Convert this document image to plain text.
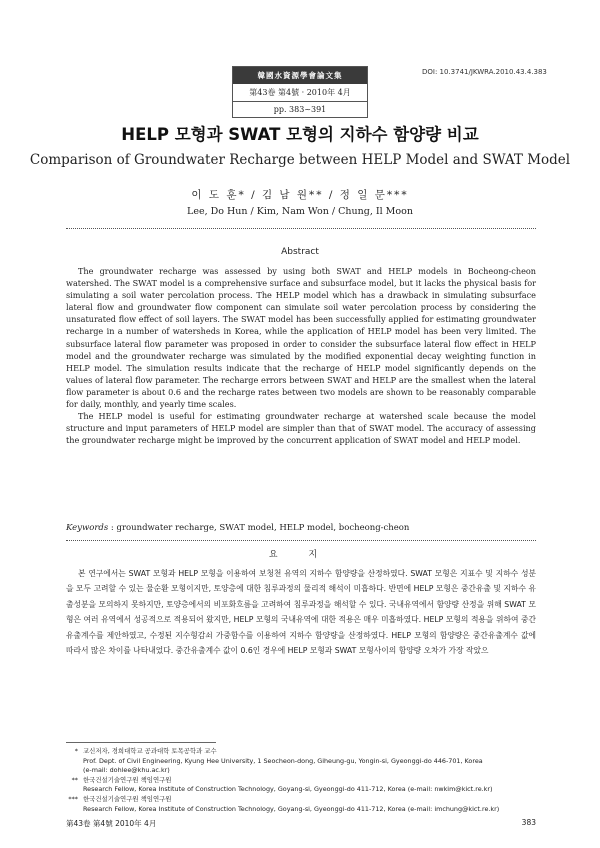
韓國水資源學會論文集
第43卷 第4號 · 2010年 4月
pp. 383~391
DOI: 10.3741/JKWRA.2010.43.4.383
HELP 모형과 SWAT 모형의 지하수 함양량 비교
Comparison of Groundwater Recharge between HELP Model and SWAT Model
이 도 훈* / 김 남 원** / 정 일 문***
Lee, Do Hun / Kim, Nam Won / Chung, Il Moon
Abstract

The groundwater recharge was assessed by using both SWAT and HELP models in Bocheong-cheon watershed. The SWAT model is a comprehensive surface and subsurface model, but it lacks the physical basis for simulating a soil water percolation process. The HELP model which has a drawback in simulating subsurface lateral flow and groundwater flow component can simulate soil water percolation process by considering the unsaturated flow effect of soil layers. The SWAT model has been successfully applied for estimating groundwater recharge in a number of watersheds in Korea, while the application of HELP model has been very limited. The subsurface lateral flow parameter was proposed in order to consider the subsurface lateral flow effect in HELP model and the groundwater recharge was simulated by the modified exponential decay weighting function in HELP model. The simulation results indicate that the recharge of HELP model significantly depends on the values of lateral flow parameter. The recharge errors between SWAT and HELP are the smallest when the lateral flow parameter is about 0.6 and the recharge rates between two models are shown to be reasonably comparable for daily, monthly, and yearly time scales.

The HELP model is useful for estimating groundwater recharge at watershed scale because the model structure and input parameters of HELP model are simpler than that of SWAT model. The accuracy of assessing the groundwater recharge might be improved by the concurrent application of SWAT model and HELP model.

Keywords : groundwater recharge, SWAT model, HELP model, bocheong-cheon
요 지

본 연구에서는 SWAT 모형과 HELP 모형을 이용하여 보청천 유역의 지하수 함양량을 산정하였다. SWAT 모형은 지표수 및 지하수 성분을 모두 고려할 수 있는 물순환 모형이지만, 토양층에 대한 침루과정의 물리적 해석이 미흡하다. 반면에 HELP 모형은 중간유출 및 지하수 유출성분을 모의하지 못하지만, 토양층에서의 비포화흐름을 고려하여 침루과정을 해석할 수 있다. 국내유역에서 함양량 산정을 위해 SWAT 모형은 여러 유역에서 성공적으로 적용되어 왔지만, HELP 모형의 국내유역에 대한 적용은 매우 미흡하였다. HELP 모형의 적용을 위하여 중간유출계수를 제안하였고, 수정된 지수형감쇠 가중함수를 이용하여 지하수 함양량을 산정하였다. HELP 모형의 함양량은 중간유출계수 값에 따라서 많은 차이를 나타내었다. 중간유출계수 값이 0.6인 경우에 HELP 모형과 SWAT 모형사이의 함양량 오차가 가장 작았으

* 교신저자, 경희대학교 공과대학 토목공학과 교수
Prof. Dept. of Civil Engineering, Kyung Hee University, 1 Seocheon-dong, Giheung-gu, Yongin-si, Gyeonggi-do 446-701, Korea
(e-mail: dohlee@khu.ac.kr)
** 한국건설기술연구원 책임연구원
Research Fellow, Korea Institute of Construction Technology, Goyang-si, Gyeonggi-do 411-712, Korea (e-mail: nwkim@kict.re.kr)
*** 한국건설기술연구원 책임연구원
Research Fellow, Korea Institute of Construction Technology, Goyang-si, Gyeonggi-do 411-712, Korea (e-mail: imchung@kict.re.kr)
第43卷 第4號 2010年 4月	383
